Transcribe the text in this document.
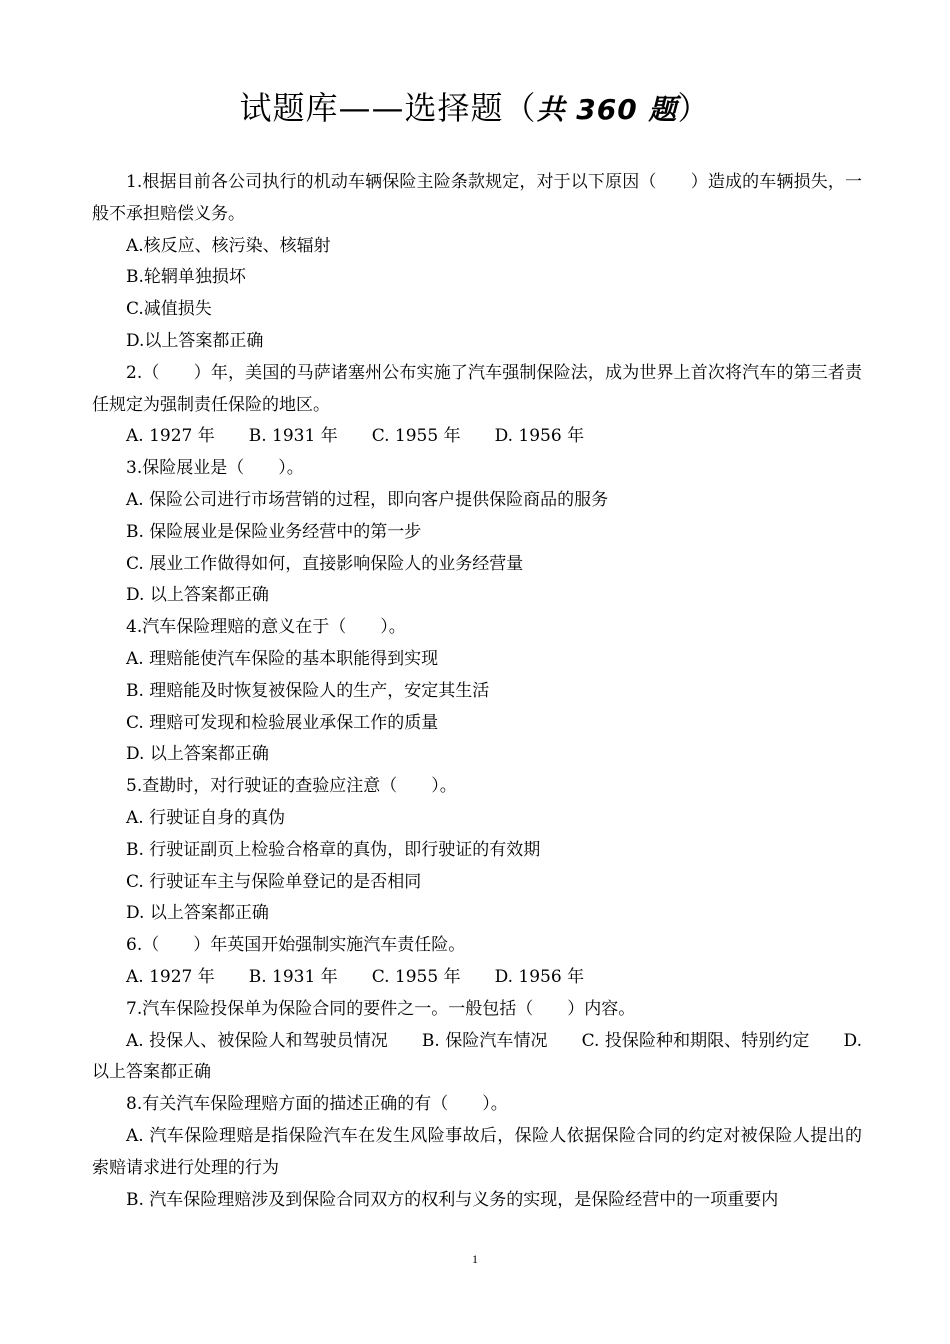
试题库——选择题（共 360 题）

1.根据目前各公司执行的机动车辆保险主险条款规定，对于以下原因（　　）造成的车辆损失，一般不承担赔偿义务。

A.核反应、核污染、核辐射

B.轮辋单独损坏

C.减值损失

D.以上答案都正确

2.（　　）年，美国的马萨诸塞州公布实施了汽车强制保险法，成为世界上首次将汽车的第三者责任规定为强制责任保险的地区。

A. 1927 年　　B. 1931 年　　C. 1955 年　　D. 1956 年

3.保险展业是（　　）。

A. 保险公司进行市场营销的过程，即向客户提供保险商品的服务

B. 保险展业是保险业务经营中的第一步

C. 展业工作做得如何，直接影响保险人的业务经营量

D. 以上答案都正确

4.汽车保险理赔的意义在于（　　）。

A. 理赔能使汽车保险的基本职能得到实现

B. 理赔能及时恢复被保险人的生产，安定其生活

C. 理赔可发现和检验展业承保工作的质量

D. 以上答案都正确

5.查勘时，对行驶证的查验应注意（　　）。

A. 行驶证自身的真伪

B. 行驶证副页上检验合格章的真伪，即行驶证的有效期

C. 行驶证车主与保险单登记的是否相同

D. 以上答案都正确

6.（　　）年英国开始强制实施汽车责任险。

A. 1927 年　　B. 1931 年　　C. 1955 年　　D. 1956 年

7.汽车保险投保单为保险合同的要件之一。一般包括（　　）内容。

A. 投保人、被保险人和驾驶员情况　　B. 保险汽车情况　　C. 投保险种和期限、特别约定　　D. 以上答案都正确

8.有关汽车保险理赔方面的描述正确的有（　　）。

A. 汽车保险理赔是指保险汽车在发生风险事故后，保险人依据保险合同的约定对被保险人提出的索赔请求进行处理的行为

B. 汽车保险理赔涉及到保险合同双方的权利与义务的实现，是保险经营中的一项重要内

1
